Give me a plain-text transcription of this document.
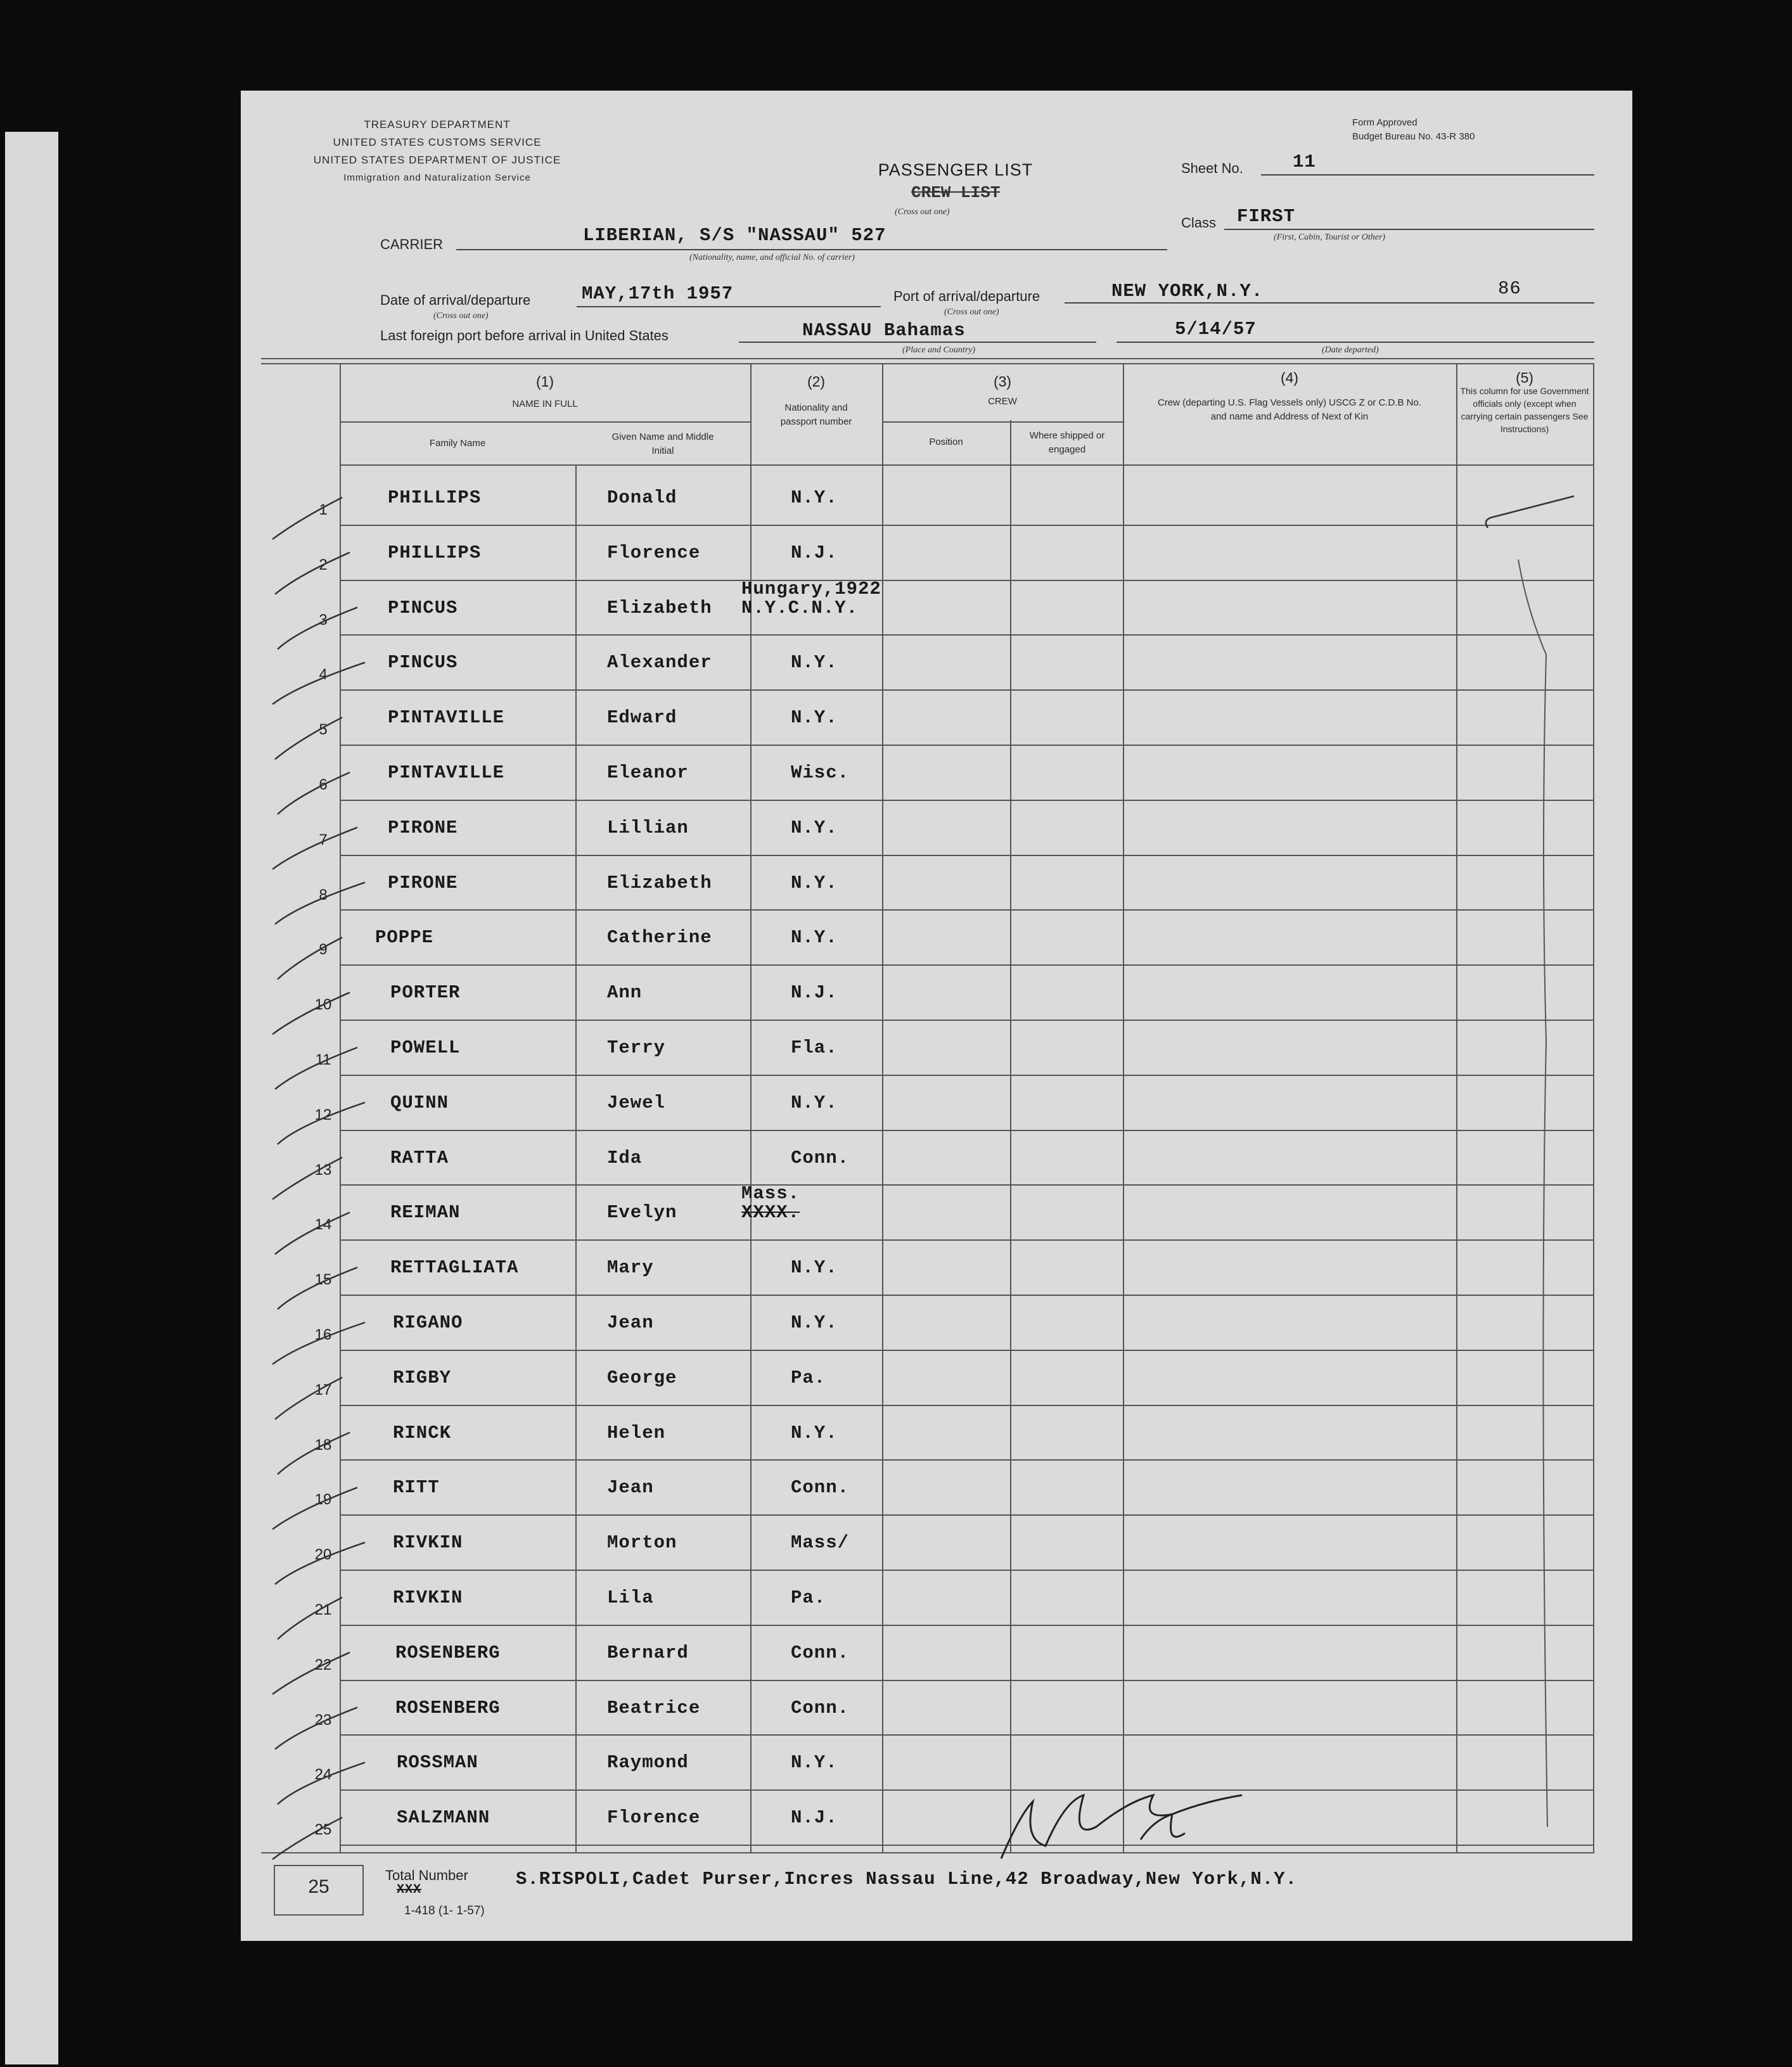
TREASURY DEPARTMENT
UNITED STATES CUSTOMS SERVICE
UNITED STATES DEPARTMENT OF JUSTICE
Immigration and Naturalization Service
Form Approved
Budget Bureau No. 43-R 380
PASSENGER LIST
CREW LIST
(Cross out one)
Sheet No.	11
Class FIRST
(First, Cabin, Tourist or Other)
CARRIER	LIBERIAN, S/S "NASSAU" 527
(Nationality, name, and official No. of carrier)
Date of arrival/departure	MAY,17th 1957
(Cross out one)
Port of arrival/departure	NEW YORK,N.Y.
(Cross out one)
86
Last foreign port before arrival in United States	NASSAU Bahamas
(Place and Country)
5/14/57
(Date departed)
(1)
NAME IN FULL
Family Name
Given Name and Middle Initial
(2)
Nationality and passport number
(3)
CREW
Position
Where shipped or engaged
(4)
Crew (departing U.S. Flag Vessels only) USCG Z or C.D.B No. and name and Address of Next of Kin
(5)
This column for use Government officials only (except when carrying certain passengers See Instructions)
1
PHILLIPS	Donald	N.Y.
2
PHILLIPS	Florence	N.J.
3
PINCUS	Elizabeth
Hungary,1922
N.Y.C.N.Y.
4
PINCUS	Alexander	N.Y.
5
PINTAVILLE	Edward	N.Y.
6
PINTAVILLE	Eleanor	Wisc.
7
PIRONE	Lillian	N.Y.
8
PIRONE	Elizabeth	N.Y.
9
POPPE	Catherine	N.Y.
10
PORTER	Ann	N.J.
11
POWELL	Terry	Fla.
12
QUINN	Jewel	N.Y.
13
RATTA	Ida	Conn.
14
REIMAN	Evelyn
Mass.
XXXX.
15
RETTAGLIATA	Mary	N.Y.
16
RIGANO	Jean	N.Y.
17
RIGBY	George	Pa.
18
RINCK	Helen	N.Y.
19
RITT	Jean	Conn.
20
RIVKIN	Morton	Mass/
21
RIVKIN	Lila	Pa.
22
ROSENBERG	Bernard	Conn.
23
ROSENBERG	Beatrice	Conn.
24
ROSSMAN	Raymond	N.Y.
25
SALZMANN	Florence	N.J.
25
Total Number
XXX
S.RISPOLI,Cadet Purser,Incres Nassau Line,42 Broadway,New York,N.Y.
1-418 (1- 1-57)
